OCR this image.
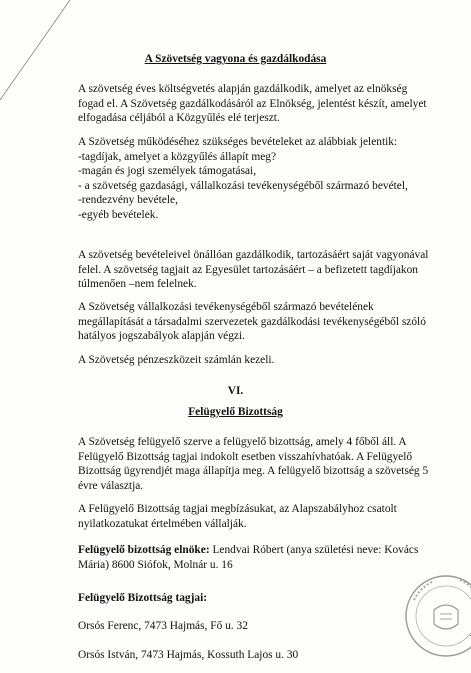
A Szövetség vagyona és gazdálkodása
A szövetség éves költségvetés alapján gazdálkodik, amelyet az elnökség
fogad el. A Szövetség gazdálkodásáról az Elnökség, jelentést készít, amelyet
elfogadása céljából a Közgyűlés elé terjeszt.
A Szövetség működéséhez szükséges bevételeket az alábbiak jelentik:
-tagdíjak, amelyet a közgyűlés állapít meg?
-magán és jogi személyek támogatásai,
- a szövetség gazdasági, vállalkozási tevékenységéből származó bevétel,
-rendezvény bevétele,
-egyéb bevételek.
A szövetség bevételeivel önállóan gazdálkodik, tartozásáért saját vagyonával
felel. A szövetség tagjait az Egyesület tartozásáért – a befizetett tagdíjakon
túlmenően –nem felelnek.
A Szövetség vállalkozási tevékenységéből származó bevételének
megállapítását a társadalmi szervezetek gazdálkodási tevékenységéből szóló
hatályos jogszabályok alapján végzi.
A Szövetség pénzeszközeit számlán kezeli.
VI.
Felügyelő Bizottság
A Szövetség felügyelő szerve a felügyelő bizottság, amely 4 főből áll. A
Felügyelő Bizottság tagjai indokolt esetben visszahívhatóak. A Felügyelő
Bizottság ügyrendjét maga állapítja meg. A felügyelő bizottság a szövetség 5
évre választja.
A Felügyelő Bizottság tagjai megbízásukat, az Alapszabályhoz csatolt
nyilatkozatukat értelmében vállalják.
Felügyelő bizottság elnöke: Lendvai Róbert (anya születési neve: Kovács
Mária) 8600 Siófok, Molnár u. 16
Felügyelő Bizottság tagjai:
Orsós Ferenc, 7473 Hajmás, Fő u. 32
Orsós István, 7473 Hajmás, Kossuth Lajos u. 30
